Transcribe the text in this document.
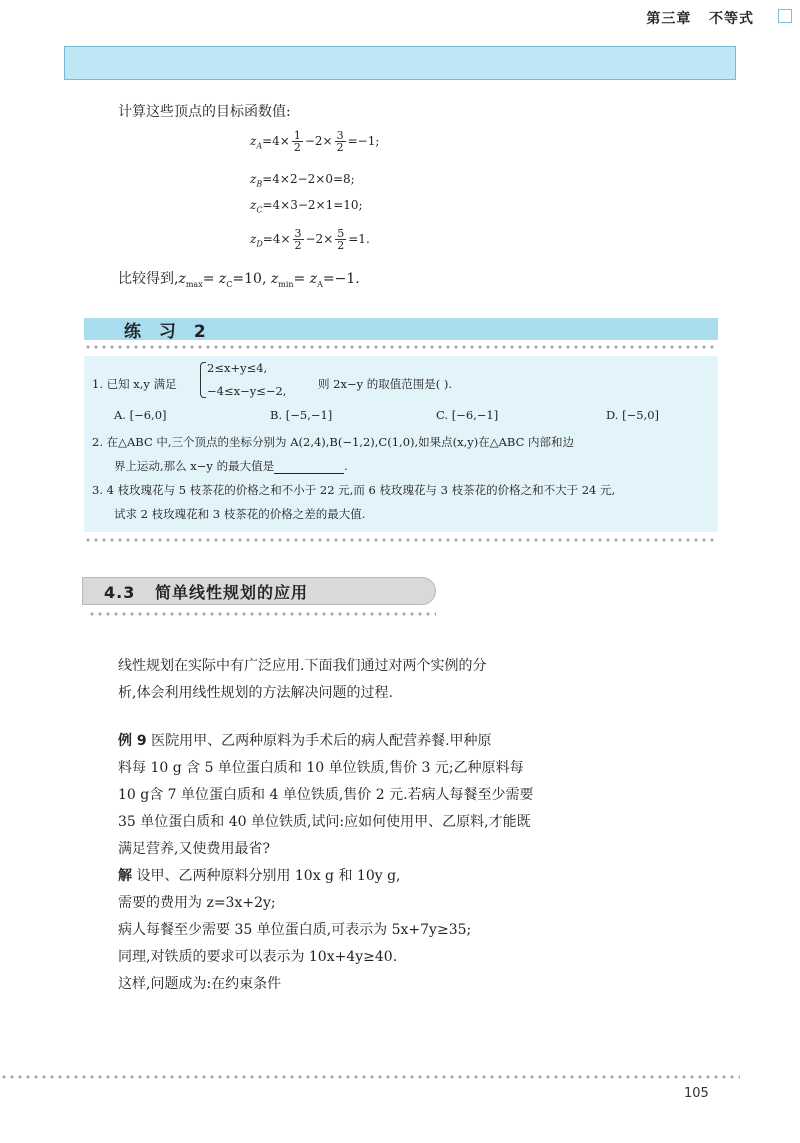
第三章   不等式
计算这些顶点的目标函数值:
$z_A=4\times \frac{1}{2} -2\times \frac{3}{2} =-1$;
$z_B=4\times 2-2\times 0=8$;
$z_C=4\times 3-2\times 1=10$;
$z_D=4\times \frac{3}{2} -2\times \frac{5}{2} =1$.
比较得到$,z_{max}= z_C=10$, $z_{min}= z_A=-1$.
练 习 2
1. 已知 x,y 满足
2≤x+y≤4,
−4≤x−y≤−2,	则 2x−y 的取值范围是( ).
A. [−6,0]	B. [−5,−1]	C. [−6,−1]	D. [−5,0]
2. 在△ABC 中,三个顶点的坐标分别为 A(2,4),B(−1,2),C(1,0),如果点(x,y)在△ABC 内部和边
界上运动,那么 x−y 的最大值是	.
3. 4 枝玫瑰花与 5 枝茶花的价格之和不小于 22 元,而 6 枝玫瑰花与 3 枝茶花的价格之和不大于 24 元,
试求 2 枝玫瑰花和 3 枝茶花的价格之差的最大值.
4.3   简单线性规划的应用
线性规划在实际中有广泛应用.下面我们通过对两个实例的分
析,体会利用线性规划的方法解决问题的过程.
例 9 医院用甲、乙两种原料为手术后的病人配营养餐.甲种原
料每 10 g 含 5 单位蛋白质和 10 单位铁质,售价 3 元;乙种原料每
10 g含 7 单位蛋白质和 4 单位铁质,售价 2 元.若病人每餐至少需要
35 单位蛋白质和 40 单位铁质,试问:应如何使用甲、乙原料,才能既
满足营养,又使费用最省?
解 设甲、乙两种原料分别用 10x g 和 10y g,
需要的费用为 z=3x+2y;
病人每餐至少需要 35 单位蛋白质,可表示为 5x+7y≥35;
同理,对铁质的要求可以表示为 10x+4y≥40.
这样,问题成为:在约束条件
105
